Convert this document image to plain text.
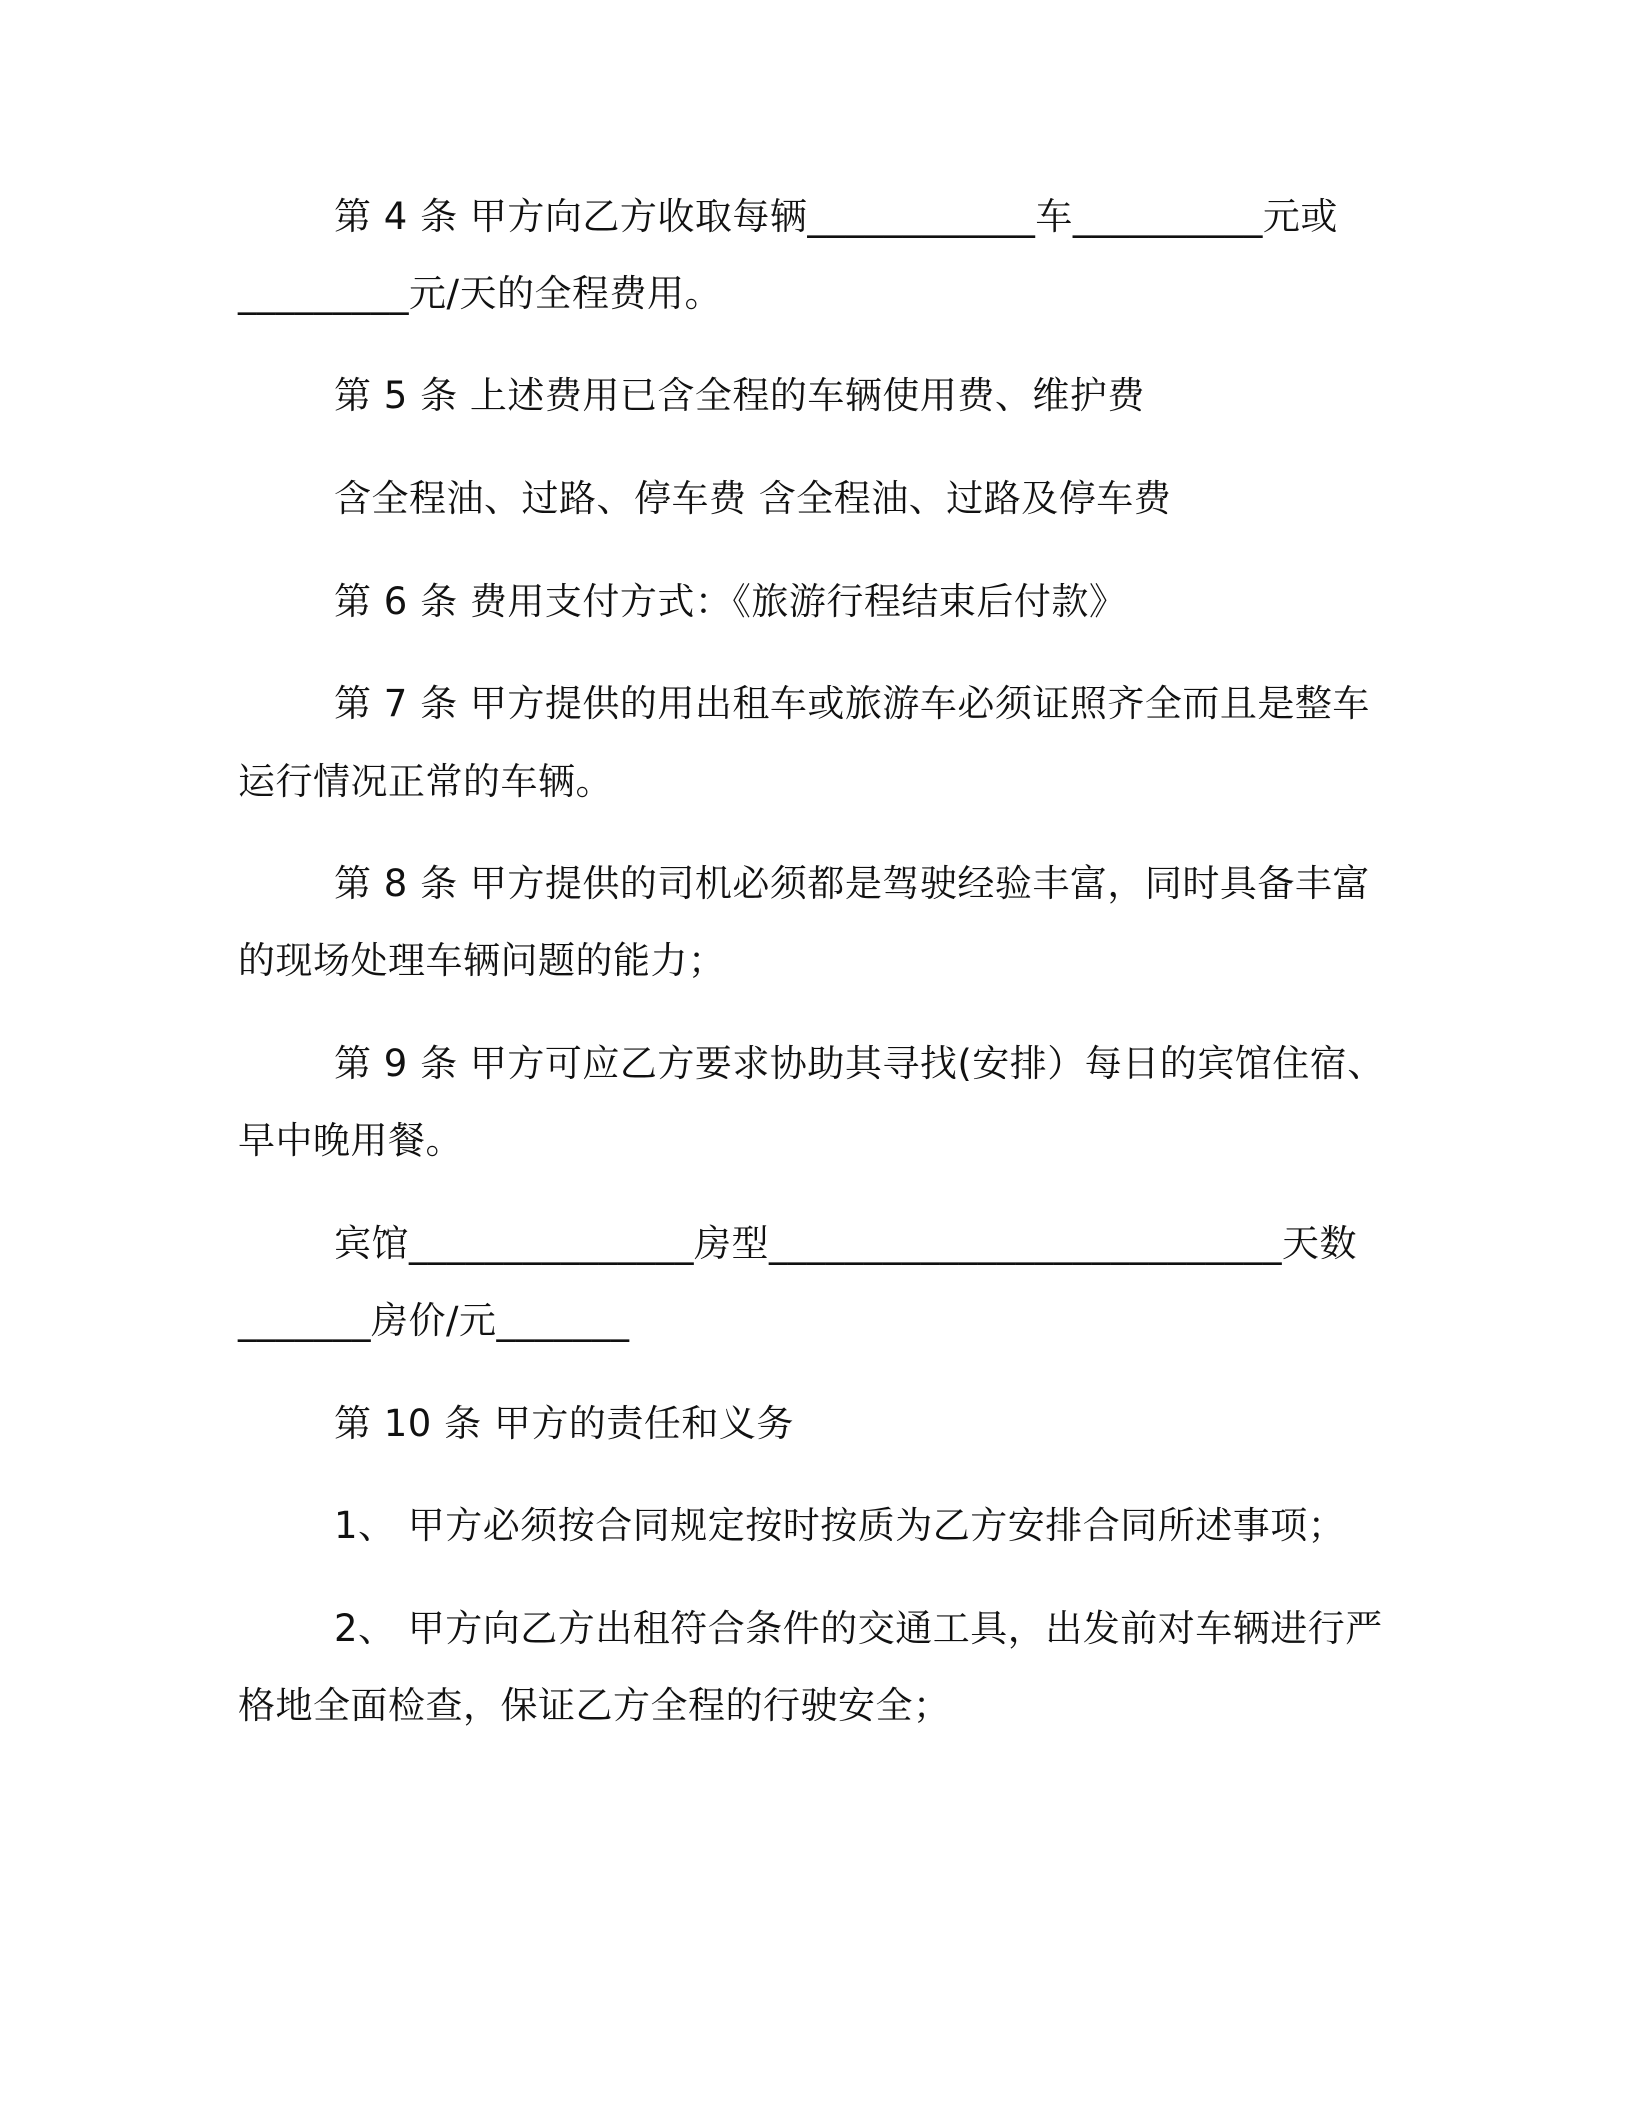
第 4 条 甲方向乙方收取每辆____________车__________元或
_________元/天的全程费用。
第 5 条 上述费用已含全程的车辆使用费、维护费
含全程油、过路、停车费 含全程油、过路及停车费
第 6 条 费用支付方式：《旅游行程结束后付款》
第 7 条 甲方提供的用出租车或旅游车必须证照齐全而且是整车
运行情况正常的车辆。
第 8 条 甲方提供的司机必须都是驾驶经验丰富，同时具备丰富
的现场处理车辆问题的能力；
第 9 条 甲方可应乙方要求协助其寻找(安排）每日的宾馆住宿、
早中晚用餐。
宾馆_______________房型___________________________天数
_______房价/元_______
第 10 条 甲方的责任和义务
1、 甲方必须按合同规定按时按质为乙方安排合同所述事项；
2、 甲方向乙方出租符合条件的交通工具，出发前对车辆进行严
格地全面检查，保证乙方全程的行驶安全；
